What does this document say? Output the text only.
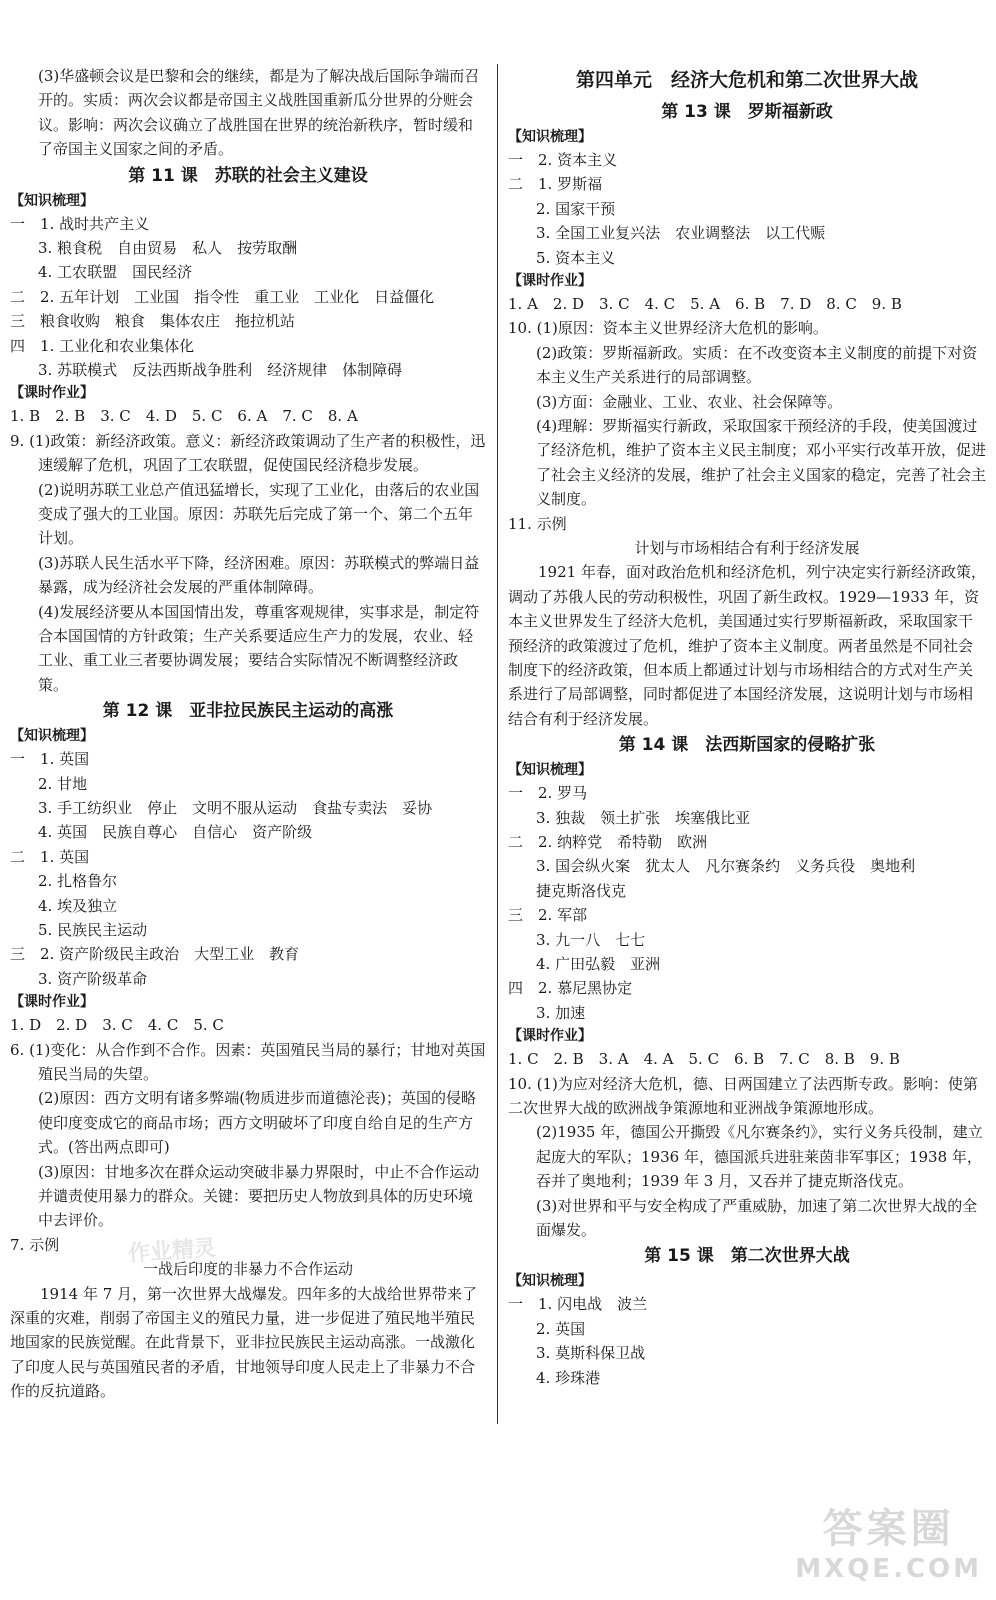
(3)华盛顿会议是巴黎和会的继续，都是为了解决战后国际争端而召开的。实质：两次会议都是帝国主义战胜国重新瓜分世界的分赃会议。影响：两次会议确立了战胜国在世界的统治新秩序，暂时缓和了帝国主义国家之间的矛盾。
第 11 课　苏联的社会主义建设
【知识梳理】
一　1. 战时共产主义
3. 粮食税　自由贸易　私人　按劳取酬
4. 工农联盟　国民经济
二　2. 五年计划　工业国　指令性　重工业　工业化　日益僵化
三　粮食收购　粮食　集体农庄　拖拉机站
四　1. 工业化和农业集体化
3. 苏联模式　反法西斯战争胜利　经济规律　体制障碍
【课时作业】
1. B　2. B　3. C　4. D　5. C　6. A　7. C　8. A
9. (1)政策：新经济政策。意义：新经济政策调动了生产者的积极性，迅速缓解了危机，巩固了工农联盟，促使国民经济稳步发展。
(2)说明苏联工业总产值迅猛增长，实现了工业化，由落后的农业国变成了强大的工业国。原因：苏联先后完成了第一个、第二个五年计划。
(3)苏联人民生活水平下降，经济困难。原因：苏联模式的弊端日益暴露，成为经济社会发展的严重体制障碍。
(4)发展经济要从本国国情出发，尊重客观规律，实事求是，制定符合本国国情的方针政策；生产关系要适应生产力的发展，农业、轻工业、重工业三者要协调发展；要结合实际情况不断调整经济政策。
第 12 课　亚非拉民族民主运动的高涨
【知识梳理】
一　1. 英国
2. 甘地
3. 手工纺织业　停止　文明不服从运动　食盐专卖法　妥协
4. 英国　民族自尊心　自信心　资产阶级
二　1. 英国
2. 扎格鲁尔
4. 埃及独立
5. 民族民主运动
三　2. 资产阶级民主政治　大型工业　教育
3. 资产阶级革命
【课时作业】
1. D　2. D　3. C　4. C　5. C
6. (1)变化：从合作到不合作。因素：英国殖民当局的暴行；甘地对英国殖民当局的失望。
(2)原因：西方文明有诸多弊端(物质进步而道德沦丧)；英国的侵略使印度变成它的商品市场；西方文明破坏了印度自给自足的生产方式。(答出两点即可)
(3)原因：甘地多次在群众运动突破非暴力界限时，中止不合作运动并谴责使用暴力的群众。关键：要把历史人物放到具体的历史环境中去评价。
7. 示例
一战后印度的非暴力不合作运动
1914 年 7 月，第一次世界大战爆发。四年多的大战给世界带来了深重的灾难，削弱了帝国主义的殖民力量，进一步促进了殖民地半殖民地国家的民族觉醒。在此背景下，亚非拉民族民主运动高涨。一战激化了印度人民与英国殖民者的矛盾，甘地领导印度人民走上了非暴力不合作的反抗道路。
第四单元　经济大危机和第二次世界大战
第 13 课　罗斯福新政
【知识梳理】
一　2. 资本主义
二　1. 罗斯福
2. 国家干预
3. 全国工业复兴法　农业调整法　以工代赈
5. 资本主义
【课时作业】
1. A　2. D　3. C　4. C　5. A　6. B　7. D　8. C　9. B
10. (1)原因：资本主义世界经济大危机的影响。
(2)政策：罗斯福新政。实质：在不改变资本主义制度的前提下对资本主义生产关系进行的局部调整。
(3)方面：金融业、工业、农业、社会保障等。
(4)理解：罗斯福实行新政，采取国家干预经济的手段，使美国渡过了经济危机，维护了资本主义民主制度；邓小平实行改革开放，促进了社会主义经济的发展，维护了社会主义国家的稳定，完善了社会主义制度。
11. 示例
计划与市场相结合有利于经济发展
1921 年春，面对政治危机和经济危机，列宁决定实行新经济政策，调动了苏俄人民的劳动积极性，巩固了新生政权。1929—1933 年，资本主义世界发生了经济大危机，美国通过实行罗斯福新政，采取国家干预经济的政策渡过了危机，维护了资本主义制度。两者虽然是不同社会制度下的经济政策，但本质上都通过计划与市场相结合的方式对生产关系进行了局部调整，同时都促进了本国经济发展，这说明计划与市场相结合有利于经济发展。
第 14 课　法西斯国家的侵略扩张
【知识梳理】
一　2. 罗马
3. 独裁　领土扩张　埃塞俄比亚
二　2. 纳粹党　希特勒　欧洲
3. 国会纵火案　犹太人　凡尔赛条约　义务兵役　奥地利
捷克斯洛伐克
三　2. 军部
3. 九一八　七七
4. 广田弘毅　亚洲
四　2. 慕尼黑协定
3. 加速
【课时作业】
1. C　2. B　3. A　4. A　5. C　6. B　7. C　8. B　9. B
10. (1)为应对经济大危机，德、日两国建立了法西斯专政。影响：使第二次世界大战的欧洲战争策源地和亚洲战争策源地形成。
(2)1935 年，德国公开撕毁《凡尔赛条约》，实行义务兵役制，建立起庞大的军队；1936 年，德国派兵进驻莱茵非军事区；1938 年，吞并了奥地利；1939 年 3 月，又吞并了捷克斯洛伐克。
(3)对世界和平与安全构成了严重威胁，加速了第二次世界大战的全面爆发。
第 15 课　第二次世界大战
【知识梳理】
一　1. 闪电战　波兰
2. 英国
3. 莫斯科保卫战
4. 珍珠港
作业精灵
答案圈
MXQE.COM
